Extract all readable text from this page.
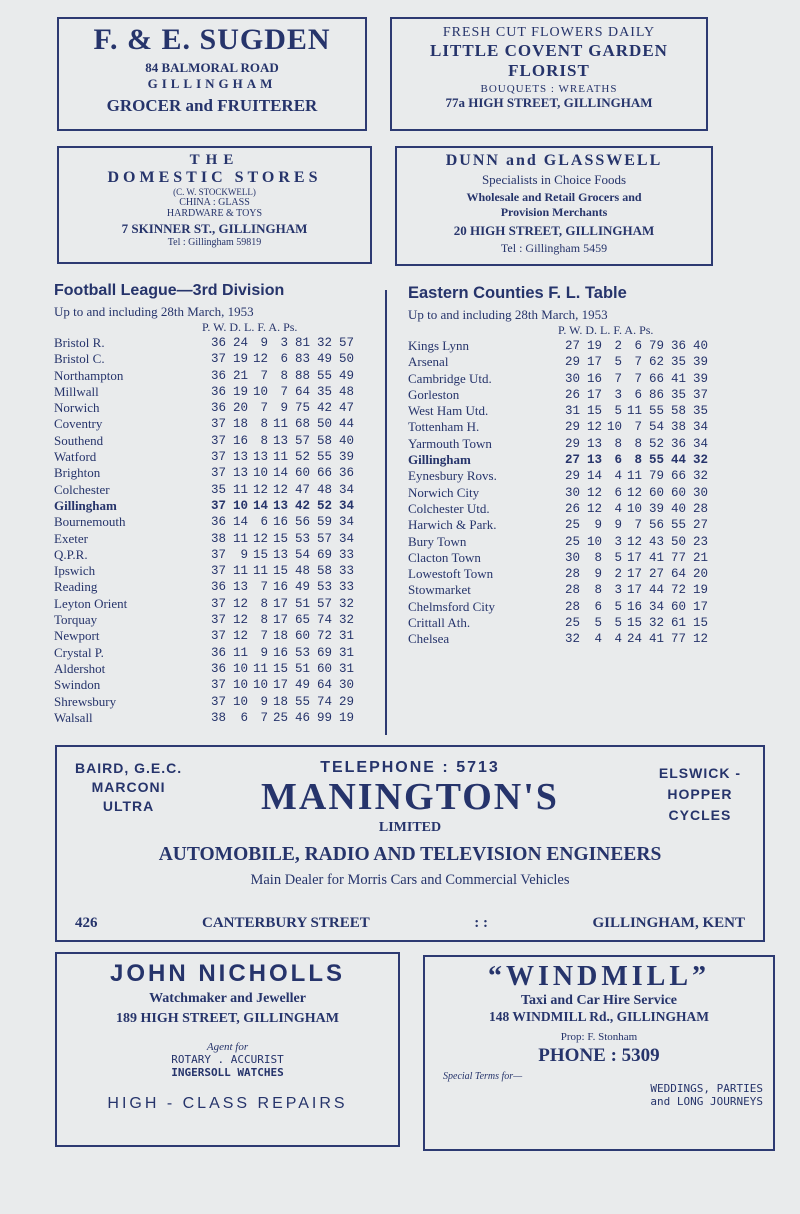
F. & E. SUGDEN
84 BALMORAL ROAD
GILLINGHAM
GROCER and FRUITERER
FRESH CUT FLOWERS DAILY
LITTLE COVENT GARDEN
FLORIST
BOUQUETS : WREATHS
77a HIGH STREET, GILLINGHAM
THE
DOMESTIC STORES
(C. W. STOCKWELL)
CHINA : GLASS
HARDWARE & TOYS
7 SKINNER ST., GILLINGHAM
Tel : Gillingham 59819
DUNN and GLASSWELL
Specialists in Choice Foods
Wholesale and Retail Grocers and
Provision Merchants
20 HIGH STREET, GILLINGHAM
Tel : Gillingham 5459
Football League—3rd Division
Up to and including 28th March, 1953
P. W. D. L. F. A. Ps.
Bristol R.	36	24	9	3	81	32	57
Bristol C.	37	19	12	6	83	49	50
Northampton	36	21	7	8	88	55	49
Millwall	36	19	10	7	64	35	48
Norwich	36	20	7	9	75	42	47
Coventry	37	18	8	11	68	50	44
Southend	37	16	8	13	57	58	40
Watford	37	13	13	11	52	55	39
Brighton	37	13	10	14	60	66	36
Colchester	35	11	12	12	47	48	34
Gillingham	37	10	14	13	42	52	34
Bournemouth	36	14	6	16	56	59	34
Exeter	38	11	12	15	53	57	34
Q.P.R.	37	9	15	13	54	69	33
Ipswich	37	11	11	15	48	58	33
Reading	36	13	7	16	49	53	33
Leyton Orient	37	12	8	17	51	57	32
Torquay	37	12	8	17	65	74	32
Newport	37	12	7	18	60	72	31
Crystal P.	36	11	9	16	53	69	31
Aldershot	36	10	11	15	51	60	31
Swindon	37	10	10	17	49	64	30
Shrewsbury	37	10	9	18	55	74	29
Walsall	38	6	7	25	46	99	19
Eastern Counties F. L. Table
Up to and including 28th March, 1953
P. W. D. L. F. A. Ps.
Kings Lynn	27	19	2	6	79	36	40
Arsenal	29	17	5	7	62	35	39
Cambridge Utd.	30	16	7	7	66	41	39
Gorleston	26	17	3	6	86	35	37
West Ham Utd.	31	15	5	11	55	58	35
Tottenham H.	29	12	10	7	54	38	34
Yarmouth Town	29	13	8	8	52	36	34
Gillingham	27	13	6	8	55	44	32
Eynesbury Rovs.	29	14	4	11	79	66	32
Norwich City	30	12	6	12	60	60	30
Colchester Utd.	26	12	4	10	39	40	28
Harwich & Park.	25	9	9	7	56	55	27
Bury Town	25	10	3	12	43	50	23
Clacton Town	30	8	5	17	41	77	21
Lowestoft Town	28	9	2	17	27	64	20
Stowmarket	28	8	3	17	44	72	19
Chelmsford City	28	6	5	16	34	60	17
Crittall Ath.	25	5	5	15	32	61	15
Chelsea	32	4	4	24	41	77	12
BAIRD, G.E.C.
MARCONI
ULTRA
ELSWICK -
HOPPER
CYCLES
TELEPHONE : 5713
MANINGTON'S
LIMITED
AUTOMOBILE, RADIO AND TELEVISION ENGINEERS
Main Dealer for Morris Cars and Commercial Vehicles
426	CANTERBURY STREET	: :	GILLINGHAM, KENT
JOHN NICHOLLS
Watchmaker and Jeweller
189 HIGH STREET, GILLINGHAM
Agent for
ROTARY . ACCURIST
INGERSOLL WATCHES
HIGH - CLASS REPAIRS
“WINDMILL”
Taxi and Car Hire Service
148 WINDMILL Rd., GILLINGHAM
Prop: F. Stonham
PHONE : 5309
Special Terms for—
WEDDINGS, PARTIES
and LONG JOURNEYS
